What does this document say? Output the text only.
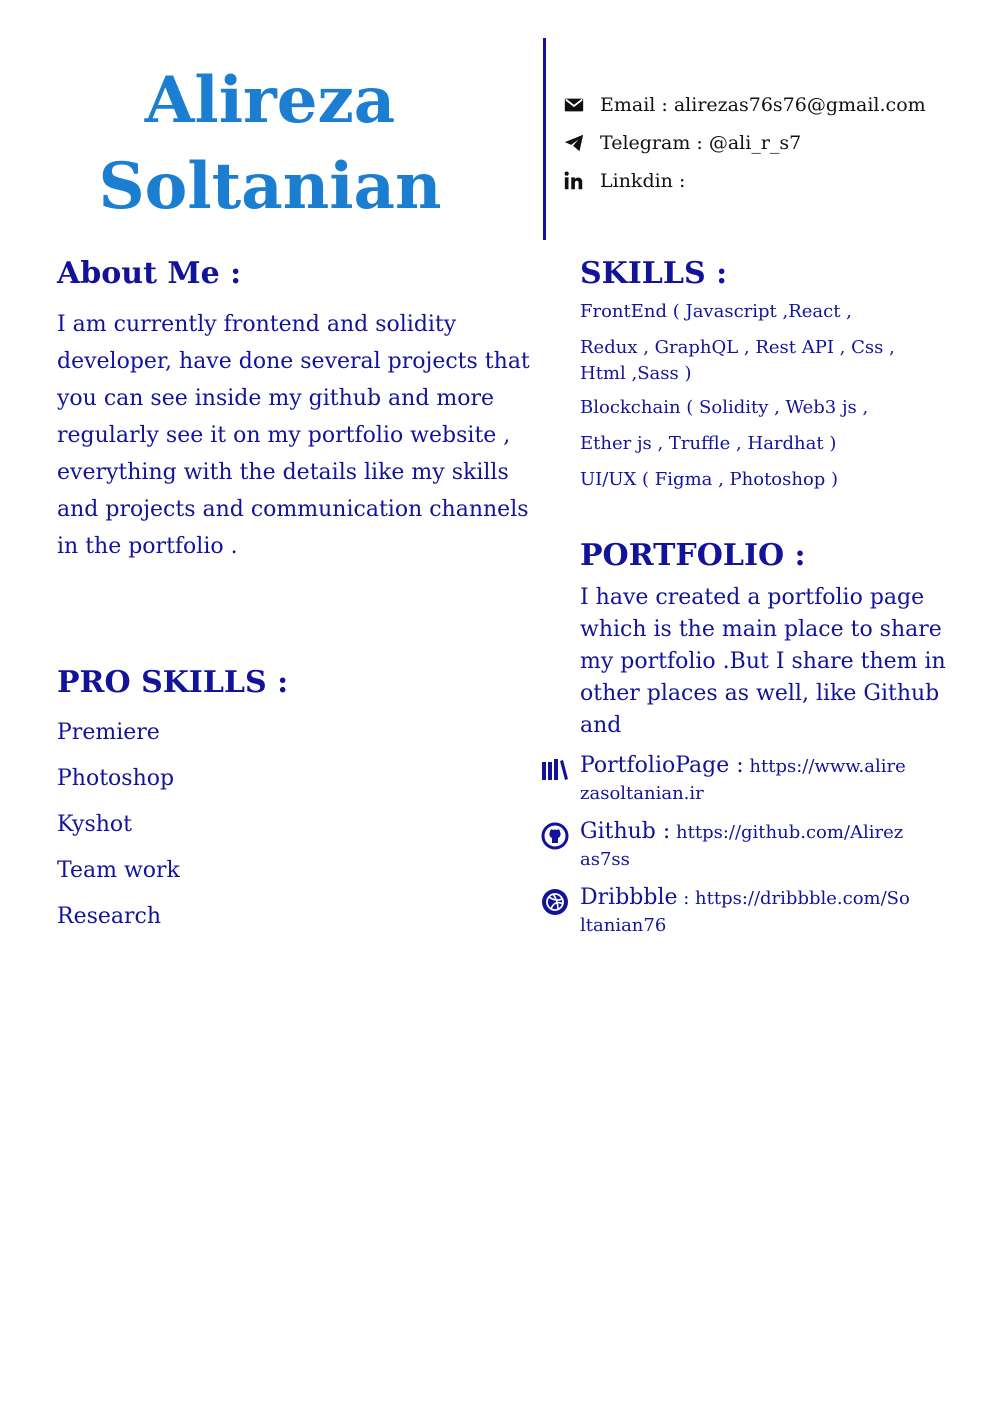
Alireza
Soltanian
Email : alirezas76s76@gmail.com
Telegram : @ali_r_s7
Linkdin :
About Me :

I am currently frontend and solidity developer, have done several projects that you can see inside my github and more regularly see it on my portfolio website , everything with the details like my skills and projects and communication channels in the portfolio .

PRO SKILLS :
Premiere
Photoshop
Kyshot
Team work
Research
SKILLS :

FrontEnd ( Javascript ,React ,

Redux , GraphQL , Rest API , Css ,

Html ,Sass )

Blockchain ( Solidity , Web3 js ,

Ether js , Truffle , Hardhat )

UI/UX ( Figma , Photoshop )

PORTFOLIO :

I have created a portfolio page which is the main place to share my portfolio .But I share them in other places as well, like Github and

PortfolioPage : https://www.alirezasoltanian.ir
Github : https://github.com/Alirezas7ss
Dribbble : https://dribbble.com/Soltanian76
